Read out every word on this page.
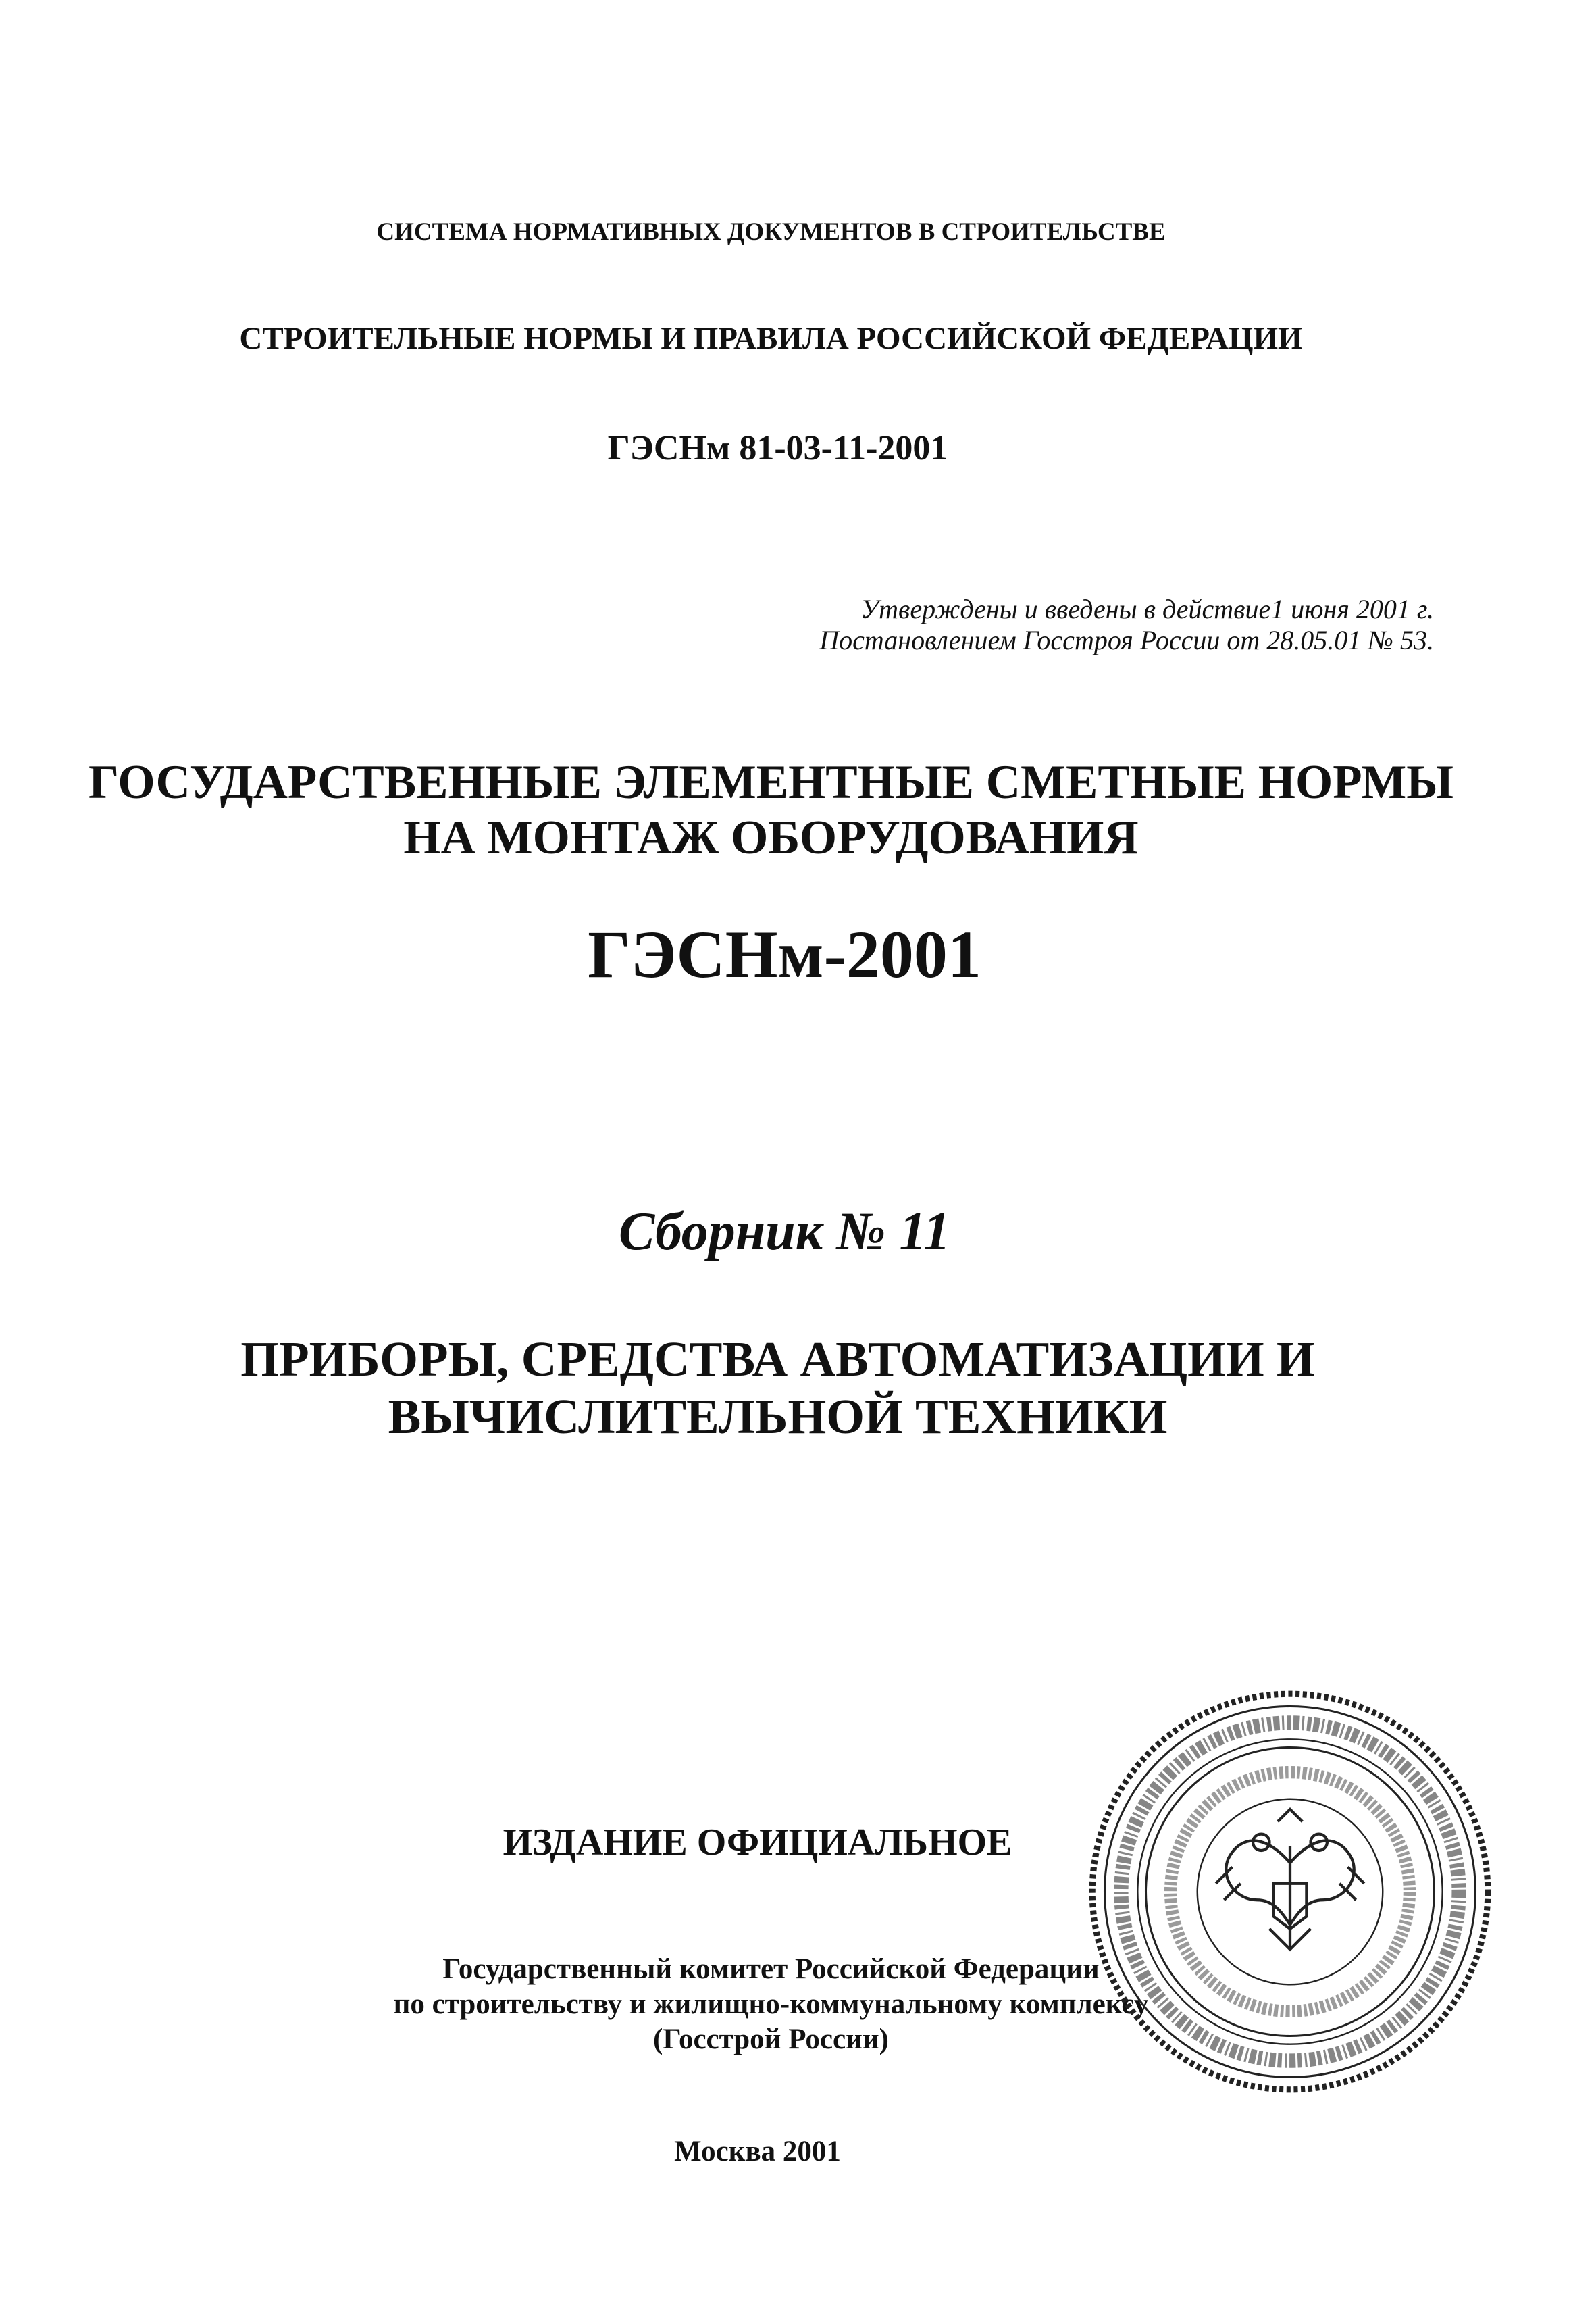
СИСТЕМА НОРМАТИВНЫХ ДОКУМЕНТОВ В СТРОИТЕЛЬСТВЕ

СТРОИТЕЛЬНЫЕ НОРМЫ И ПРАВИЛА РОССИЙСКОЙ ФЕДЕРАЦИИ

ГЭСНм 81-03-11-2001

Утверждены и введены в действие1 июня 2001 г.

Постановлением Госстроя России от 28.05.01 № 53.

ГОСУДАРСТВЕННЫЕ ЭЛЕМЕНТНЫЕ СМЕТНЫЕ НОРМЫ

НА МОНТАЖ ОБОРУДОВАНИЯ

ГЭСНм-2001

Сборник № 11

ПРИБОРЫ, СРЕДСТВА АВТОМАТИЗАЦИИ И

ВЫЧИСЛИТЕЛЬНОЙ ТЕХНИКИ

ИЗДАНИЕ ОФИЦИАЛЬНОЕ

Государственный комитет Российской Федерации

по строительству и жилищно-коммунальному комплексу

(Госстрой России)

Москва 2001
